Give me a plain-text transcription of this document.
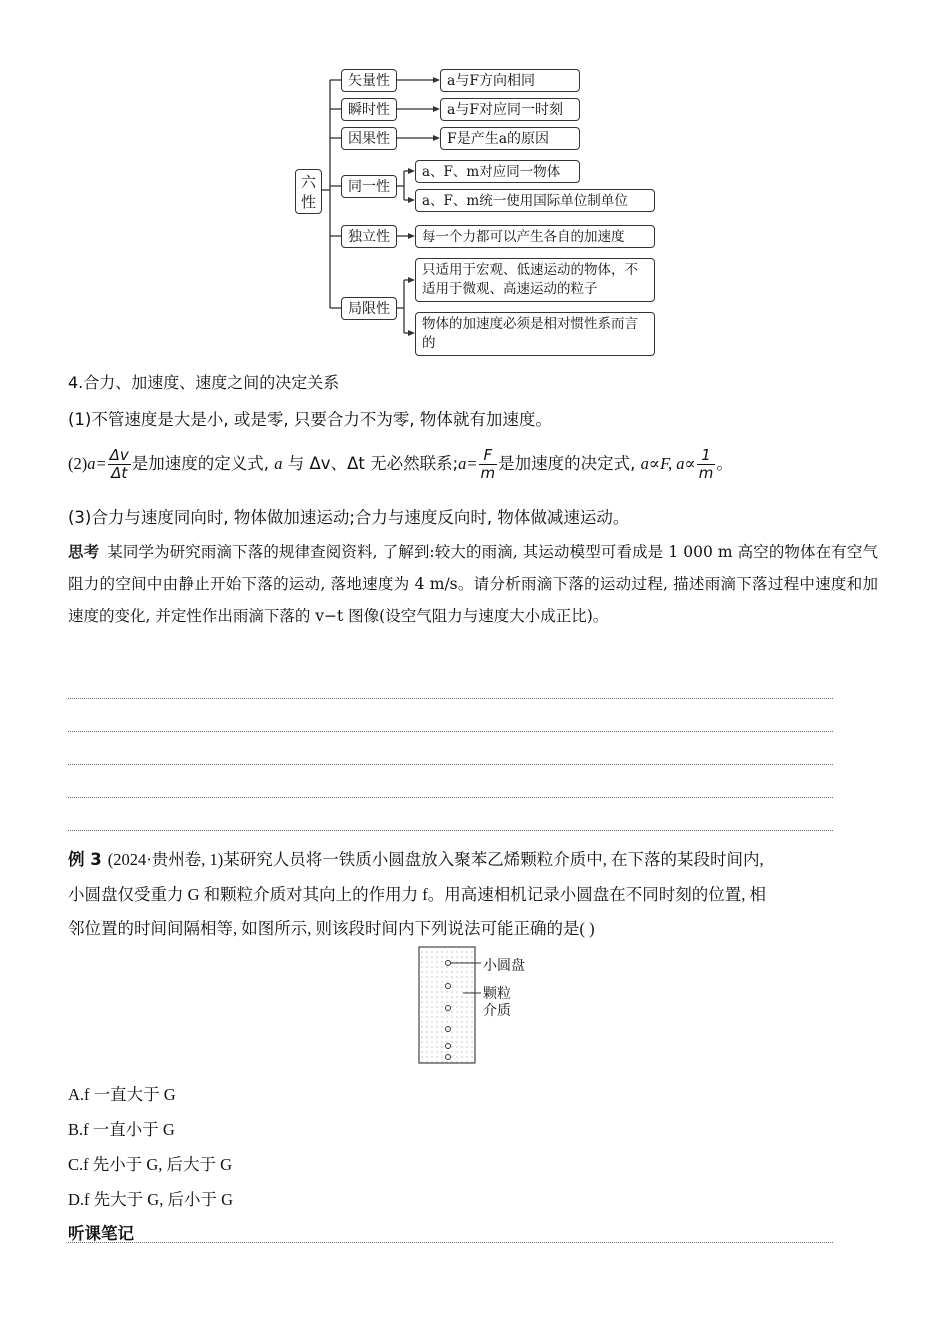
六性
矢量性	a与F方向相同
瞬时性	a与F对应同一时刻
因果性	F是产生a的原因
同一性
a、F、m对应同一物体
a、F、m统一使用国际单位制单位
独立性	每一个力都可以产生各自的加速度
局限性
只适用于宏观、低速运动的物体，不适用于微观、高速运动的粒子
物体的加速度必须是相对惯性系而言的
4.合力、加速度、速度之间的决定关系
(1)不管速度是大是小, 或是零, 只要合力不为零, 物体就有加速度。
$(2)a= \frac{\Delta v}{\Delta t}$ 是加速度的定义式, a 与 Δv、Δt 无必然联系;a= $\frac{F}{m}$ 是加速度的决定式, a∝F, $a\propto \frac{1}{m}$ 。
(3)合力与速度同向时, 物体做加速运动;合力与速度反向时, 物体做减速运动。
思考 某同学为研究雨滴下落的规律查阅资料, 了解到:较大的雨滴, 其运动模型可看成是 1 000 m 高空的物体在有空气阻力的空间中由静止开始下落的运动, 落地速度为 4 m/s。请分析雨滴下落的运动过程, 描述雨滴下落过程中速度和加速度的变化, 并定性作出雨滴下落的 v−t 图像(设空气阻力与速度大小成正比)。
例 3 (2024·贵州卷, 1)某研究人员将一铁质小圆盘放入聚苯乙烯颗粒介质中, 在下落的某段时间内,
小圆盘仅受重力 G 和颗粒介质对其向上的作用力 f。用高速相机记录小圆盘在不同时刻的位置, 相
邻位置的时间间隔相等, 如图所示, 则该段时间内下列说法可能正确的是( )
小圆盘
颗粒
介质
A.f 一直大于 G
B.f 一直小于 G
C.f 先小于 G, 后大于 G
D.f 先大于 G, 后小于 G
听课笔记
